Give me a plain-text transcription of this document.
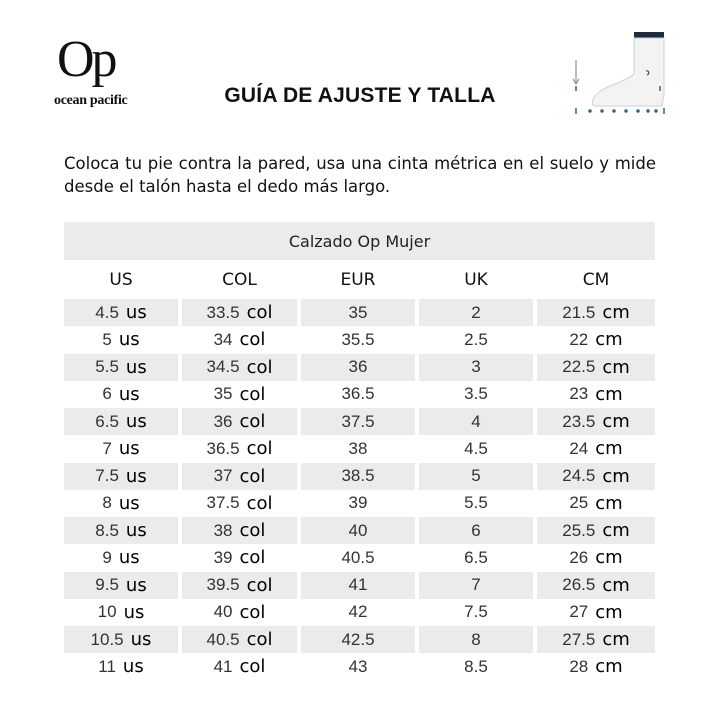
Op
ocean pacific	GUÍA DE AJUSTE Y TALLA

Coloca tu pie contra la pared, usa una cinta métrica en el suelo y mide desde el talón hasta el dedo más largo.

Calzado Op Mujer
US	COL	EUR	UK	CM
4.5 us	33.5 col	35	2	21.5 cm
5 us	34 col	35.5	2.5	22 cm
5.5 us	34.5 col	36	3	22.5 cm
6 us	35 col	36.5	3.5	23 cm
6.5 us	36 col	37.5	4	23.5 cm
7 us	36.5 col	38	4.5	24 cm
7.5 us	37 col	38.5	5	24.5 cm
8 us	37.5 col	39	5.5	25 cm
8.5 us	38 col	40	6	25.5 cm
9 us	39 col	40.5	6.5	26 cm
9.5 us	39.5 col	41	7	26.5 cm
10 us	40 col	42	7.5	27 cm
10.5 us	40.5 col	42.5	8	27.5 cm
11 us	41 col	43	8.5	28 cm
